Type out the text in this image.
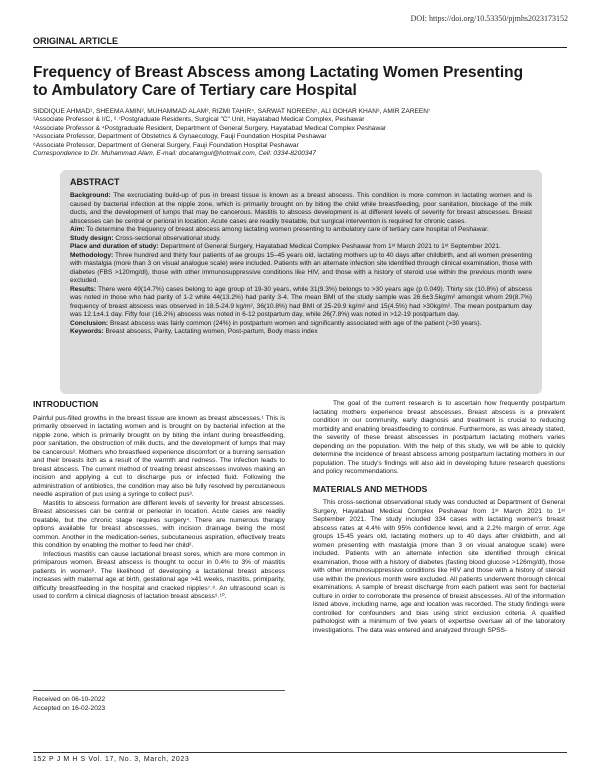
DOI: https://doi.org/10.53350/pjmhs2023173152
ORIGINAL ARTICLE
Frequency of Breast Abscess among Lactating Women Presenting to Ambulatory Care of Tertiary care Hospital
SIDDIQUE AHMAD¹, SHEEMA AMIN², MUHAMMAD ALAM³, RIZMI TAHIR⁴, SARWAT NOREEN⁵, ALI GOHAR KHAN⁶, AMIR ZAREEN⁷
¹Associate Professor & I/C, ²˒⁷Postgraduate Residents, Surgical "C" Unit, Hayatabad Medical Complex, Peshawar
³Associate Professor & ⁴Postgraduate Resident, Department of General Surgery, Hayatabad Medical Complex Peshawar
⁵Associate Professor, Department of Obstetrics & Gynaecology, Fauji Foundation Hospital Peshawar
⁶Associate Professor, Department of General Surgery, Fauji Foundation Hospital Peshawar
Correspondence to Dr. Muhammad Alam, E-mail: docalamgul@hotmail.com, Cell: 0334-8200347
ABSTRACT
Background: The excruciating build-up of pus in breast tissue is known as a breast abscess. This condition is more common in lactating women and is caused by bacterial infection at the nipple zone, which is primarily brought on by biting the child while breastfeeding, poor sanitation, blockage of the milk ducts, and the development of lumps that may be cancerous. Mastitis to abscess development is at different levels of severity for breast abscesses. Breast abscesses can be central or perioral in location. Acute cases are readily treatable, but surgical intervention is required for chronic cases.
Aim: To determine the frequency of breast abscess among lactating women presenting to ambulatory care of tertiary care hospital of Peshawar.
Study design: Cross-sectional observational study.
Place and duration of study: Department of General Surgery, Hayatabad Medical Complex Peshawar from 1ˢᵗ March 2021 to 1ˢᵗ September 2021.
Methodology: Three hundred and thirty four patients of ae groups 15–45 years old, lactating mothers up to 40 days after childbirth, and all women presenting with mastalgia (more than 3 on visual analogue scale) were included. Patients with an alternate infection site identified through clinical examination, those with diabetes (FBS >120mg/dl), those with other immunosuppressive conditions like HIV, and those with a history of steroid use within the previous month were excluded.
Results: There were 49(14.7%) cases belong to age group of 19-30 years, while 31(9.3%) belongs to >30 years age (p 0.049). Thirty six (10.8%) of abscess was noted in those who had parity of 1-2 while 44(13.2%) had parity 3-4. The mean BMI of the study sample was 26.6±3.5kg/m² amongst whom 29(8.7%) frequency of breast abscess was observed in 18.5-24.9 kg/m², 36(10.8%) had BMI of 25-29.9 kg/m² and 15(4.5%) had >30kg/m². The mean postpartum day was 12.1±4.1 day. Fifty four (16.2%) abscess was noted in 6-12 postpartum day, while 26(7.8%) was noted in >12-19 postpartum day.
Conclusion: Breast abscess was fairly common (24%) in postpartum women and significantly associated with age of the patient (>30 years).
Keywords: Breast abscess, Parity, Lactating women, Post-partum, Body mass index
INTRODUCTION

Painful pus-filled growths in the breast tissue are known as breast abscesses.¹ This is primarily observed in lactating women and is brought on by bacterial infection at the nipple zone, which is primarily brought on by biting the infant during breastfeeding, poor sanitation, the obstruction of milk ducts, and the development of lumps that may be cancerous². Mothers who breastfeed experience discomfort or a burning sensation and their breasts itch as a result of the warmth and redness. The infection leads to breast abscess. The current method of treating breast abscesses involves making an incision and applying a cut to discharge pus or infected fluid. Following the administration of antibiotics, the condition may also be fully resolved by percutaneous needle aspiration of pus using a syringe to collect pus³.

Mastitis to abscess formation are different levels of severity for breast abscesses. Breast abscesses can be central or perieolar in location. Acute cases are readily treatable, but the chronic stage requires surgery⁴. There are numerous therapy options available for breast abscesses, with incision drainage being the most common. Another in the medication-series, subcutaneous aspiration, effectively treats this condition by enabling the mother to feed her child².

Infectious mastitis can cause lactational breast sores, which are more common in primiparous women. Breast abscess is thought to occur in 0.4% to 3% of mastitis patients in women⁶. The likelihood of developing a lactational breast abscess increases with maternal age at birth, gestational age >41 weeks, mastitis, primiparity, difficulty breastfeeding in the hospital and cracked nipples⁷˒⁸. An ultrasound scan is used to confirm a clinical diagnosis of lactation breast abscess⁹˒¹⁰.

Received on 06-10-2022
Accepted on 16-02-2023

The goal of the current research is to ascertain how frequently postpartum lactating mothers experience breast abscesses. Breast abscess is a prevalent condition in our community, early diagnosis and treatment is crucial to reducing morbidity and enabling breastfeeding to continue. Furthermore, as was already stated, the severity of these breast abscesses in postpartum lactating mothers varies depending on the population. With the help of this study, we will be able to quickly determine the incidence of breast abscess among postpartum lactating mothers in our population. The study's findings will also aid in developing future research questions and policy recommendations.

MATERIALS AND METHODS

This cross-sectional observational study was conducted at Department of General Surgery, Hayatabad Medical Complex Peshawar from 1ˢᵗ March 2021 to 1ˢᵗ September 2021. The study included 334 cases with lactating women's breast abscess rates at 4.4% with 95% confidence level, and a 2.2% margin of error. Age groups 15-45 years old, lactating mothers up to 40 days after childbirth, and all women presenting with mastalgia (more than 3 on visual analogue scale) were included. Patients with an alternate infection site identified through clinical examination, those with a history of diabetes (fasting blood glucose >126mg/dl), those with other immunosuppressive conditions like HIV and those with a history of steroid use within the previous month were excluded. All patients underwent thorough clinical examinations. A sample of breast discharge from each patient was sent for bacterial culture in order to corroborate the presence of breast abscesses. All of the information listed above, including name, age and location was recorded. The study findings were controlled for confounders and bias using strict exclusion criteria. A qualified pathologist with a minimum of five years of expertise oversaw all of the laboratory investigations. The data was entered and analyzed through SPSS-

152 P J M H S Vol. 17, No. 3, March, 2023
